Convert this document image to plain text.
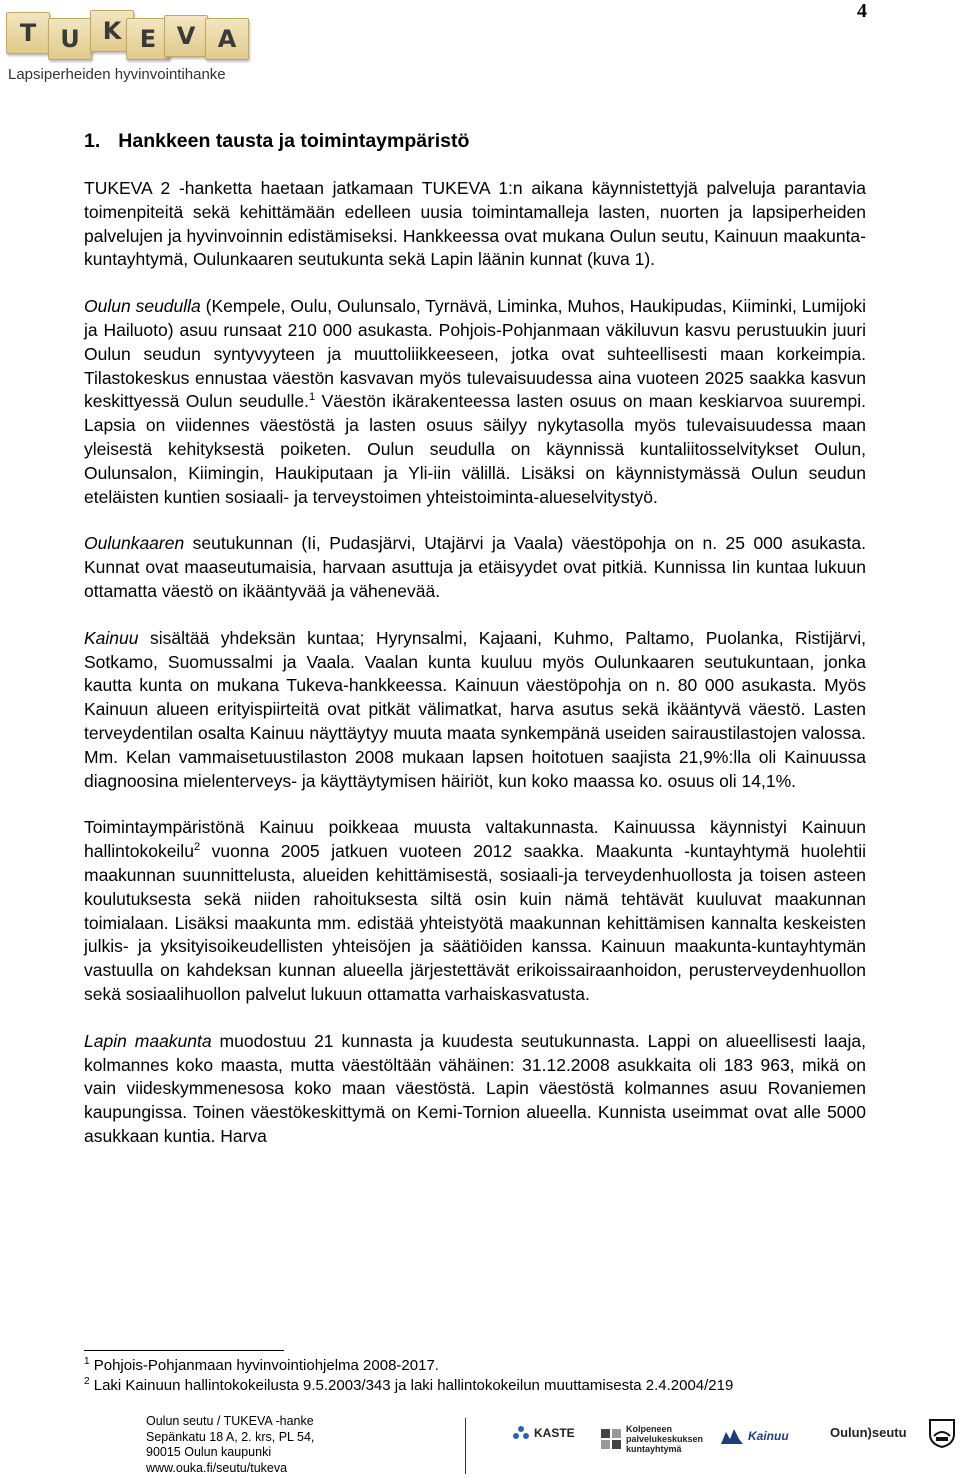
T	U K E V A
Lapsiperheiden hyvinvointihanke
4
1. Hankkeen tausta ja toimintaympäristö

TUKEVA 2 -hanketta haetaan jatkamaan TUKEVA 1:n aikana käynnistettyjä palveluja parantavia toimenpiteitä sekä kehittämään edelleen uusia toimintamalleja lasten, nuorten ja lapsiperheiden palvelujen ja hyvinvoinnin edistämiseksi. Hankkeessa ovat mukana Oulun seutu, Kainuun maakunta-kuntayhtymä, Oulunkaaren seutukunta sekä Lapin läänin kunnat (kuva 1).

Oulun seudulla (Kempele, Oulu, Oulunsalo, Tyrnävä, Liminka, Muhos, Haukipudas, Kiiminki, Lumijoki ja Hailuoto) asuu runsaat 210 000 asukasta. Pohjois-Pohjanmaan väkiluvun kasvu perustuukin juuri Oulun seudun syntyvyyteen ja muuttoliikkeeseen, jotka ovat suhteellisesti maan korkeimpia. Tilastokeskus ennustaa väestön kasvavan myös tulevaisuudessa aina vuoteen 2025 saakka kasvun keskittyessä Oulun seudulle.$^1$ Väestön ikärakenteessa lasten osuus on maan keskiarvoa suurempi. Lapsia on viidennes väestöstä ja lasten osuus säilyy nykytasolla myös tulevaisuudessa maan yleisestä kehityksestä poiketen. Oulun seudulla on käynnissä kuntaliitosselvitykset Oulun, Oulunsalon, Kiimingin, Haukiputaan ja Yli-iin välillä. Lisäksi on käynnistymässä Oulun seudun eteläisten kuntien sosiaali- ja terveystoimen yhteistoiminta-alueselvitystyö.

Oulunkaaren seutukunnan (Ii, Pudasjärvi, Utajärvi ja Vaala) väestöpohja on n. 25 000 asukasta. Kunnat ovat maaseutumaisia, harvaan asuttuja ja etäisyydet ovat pitkiä. Kunnissa Iin kuntaa lukuun ottamatta väestö on ikääntyvää ja vähenevää.

Kainuu sisältää yhdeksän kuntaa; Hyrynsalmi, Kajaani, Kuhmo, Paltamo, Puolanka, Ristijärvi, Sotkamo, Suomussalmi ja Vaala. Vaalan kunta kuuluu myös Oulunkaaren seutukuntaan, jonka kautta kunta on mukana Tukeva-hankkeessa. Kainuun väestöpohja on n. 80 000 asukasta. Myös Kainuun alueen erityispiirteitä ovat pitkät välimatkat, harva asutus sekä ikääntyvä väestö. Lasten terveydentilan osalta Kainuu näyttäytyy muuta maata synkempänä useiden sairaustilastojen valossa. Mm. Kelan vammaisetuustilaston 2008 mukaan lapsen hoitotuen saajista 21,9%:lla oli Kainuussa diagnoosina mielenterveys- ja käyttäytymisen häiriöt, kun koko maassa ko. osuus oli 14,1%.

Toimintaympäristönä Kainuu poikkeaa muusta valtakunnasta. Kainuussa käynnistyi Kainuun hallintokokeilu$^2$ vuonna 2005 jatkuen vuoteen 2012 saakka. Maakunta -kuntayhtymä huolehtii maakunnan suunnittelusta, alueiden kehittämisestä, sosiaali-ja terveydenhuollosta ja toisen asteen koulutuksesta sekä niiden rahoituksesta siltä osin kuin nämä tehtävät kuuluvat maakunnan toimialaan. Lisäksi maakunta mm. edistää yhteistyötä maakunnan kehittämisen kannalta keskeisten julkis- ja yksityisoikeudellisten yhteisöjen ja säätiöiden kanssa. Kainuun maakunta-kuntayhtymän vastuulla on kahdeksan kunnan alueella järjestettävät erikoissairaanhoidon, perusterveydenhuollon sekä sosiaalihuollon palvelut lukuun ottamatta varhaiskasvatusta.

Lapin maakunta muodostuu 21 kunnasta ja kuudesta seutukunnasta. Lappi on alueellisesti laaja, kolmannes koko maasta, mutta väestöltään vähäinen: 31.12.2008 asukkaita oli 183 963, mikä on vain viideskymmenesosa koko maan väestöstä. Lapin väestöstä kolmannes asuu Rovaniemen kaupungissa. Toinen väestökeskittymä on Kemi-Tornion alueella. Kunnista useimmat ovat alle 5000 asukkaan kuntia. Harva

$^1$ Pohjois-Pohjanmaan hyvinvointiohjelma 2008-2017.
$^2$ Laki Kainuun hallintokokeilusta 9.5.2003/343 ja laki hallintokokeilun muuttamisesta 2.4.2004/219
Oulun seutu / TUKEVA -hanke
Sepänkatu 18 A, 2. krs, PL 54,
90015 Oulun kaupunki
www.ouka.fi/seutu/tukeva
KASTE	Kolpeneen
palvelukeskuksen
kuntayhtymä
Kainuu	Oulun)seutu
